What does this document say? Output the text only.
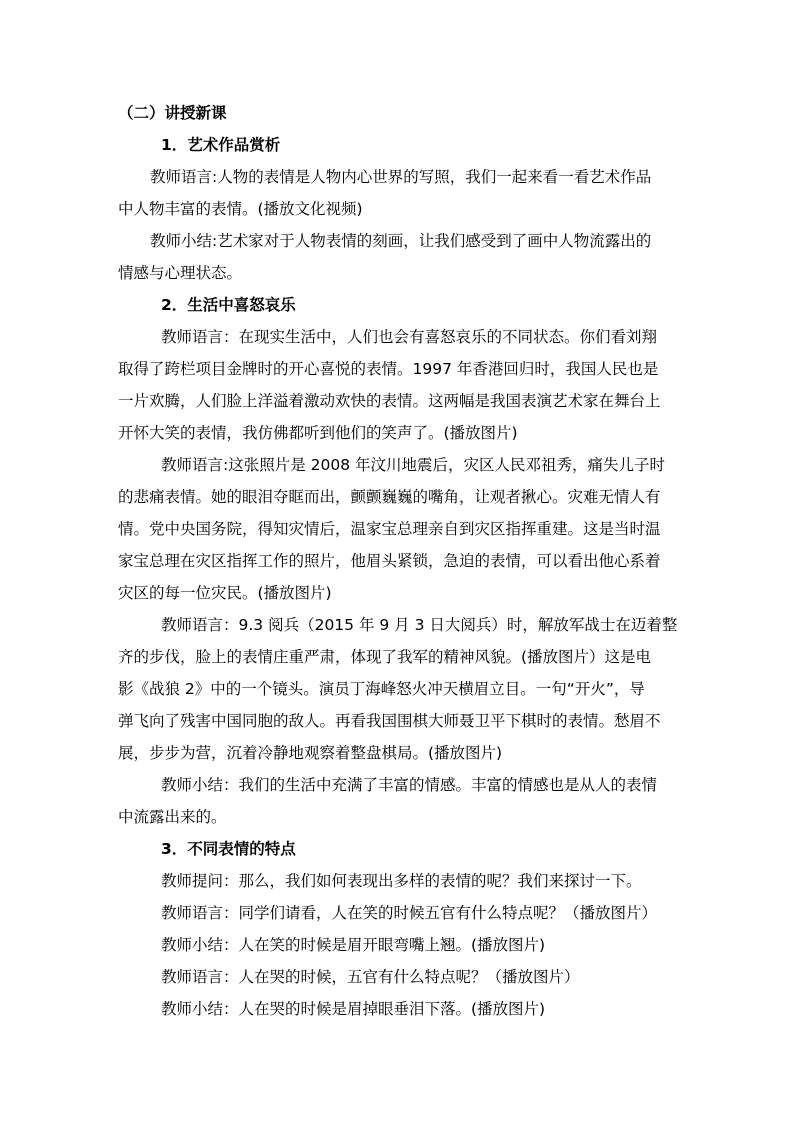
（二）讲授新课
1．艺术作品赏析
教师语言:人物的表情是人物内心世界的写照，我们一起来看一看艺术作品
中人物丰富的表情。(播放文化视频)
教师小结:艺术家对于人物表情的刻画，让我们感受到了画中人物流露出的
情感与心理状态。
2．生活中喜怒哀乐
教师语言：在现实生活中，人们也会有喜怒哀乐的不同状态。你们看刘翔
取得了跨栏项目金牌时的开心喜悦的表情。1997 年香港回归时，我国人民也是
一片欢腾，人们脸上洋溢着激动欢快的表情。这两幅是我国表演艺术家在舞台上
开怀大笑的表情，我仿佛都听到他们的笑声了。(播放图片)
教师语言:这张照片是 2008 年汶川地震后，灾区人民邓祖秀，痛失儿子时
的悲痛表情。她的眼泪夺眶而出，颤颤巍巍的嘴角，让观者揪心。灾难无情人有
情。党中央国务院，得知灾情后，温家宝总理亲自到灾区指挥重建。这是当时温
家宝总理在灾区指挥工作的照片，他眉头紧锁，急迫的表情，可以看出他心系着
灾区的每一位灾民。(播放图片)
教师语言：9.3 阅兵（2015 年 9 月 3 日大阅兵）时，解放军战士在迈着整
齐的步伐，脸上的表情庄重严肃，体现了我军的精神风貌。(播放图片）这是电
影《战狼 2》中的一个镜头。演员丁海峰怒火冲天横眉立目。一句“开火”，导
弹飞向了残害中国同胞的敌人。再看我国围棋大师聂卫平下棋时的表情。愁眉不
展，步步为营，沉着冷静地观察着整盘棋局。(播放图片)
教师小结：我们的生活中充满了丰富的情感。丰富的情感也是从人的表情
中流露出来的。
3．不同表情的特点
教师提问：那么，我们如何表现出多样的表情的呢？我们来探讨一下。
教师语言：同学们请看，人在笑的时候五官有什么特点呢？（播放图片）
教师小结：人在笑的时候是眉开眼弯嘴上翘。(播放图片)
教师语言：人在哭的时候，五官有什么特点呢？（播放图片）
教师小结：人在哭的时候是眉掉眼垂泪下落。(播放图片)
